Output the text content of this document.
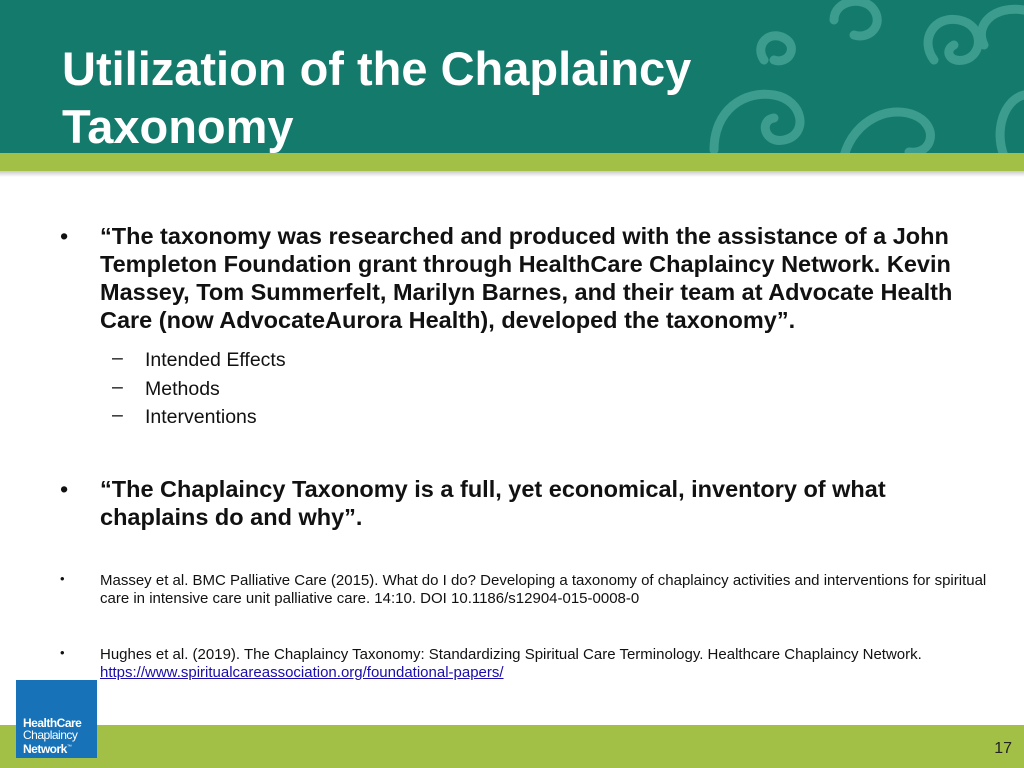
Utilization of the Chaplaincy Taxonomy
• “The taxonomy was researched and produced with the assistance of a John Templeton Foundation grant through HealthCare Chaplaincy Network. Kevin Massey, Tom Summerfelt, Marilyn Barnes, and their team at Advocate Health Care (now AdvocateAurora Health), developed the taxonomy”.
– Intended Effects
– Methods
– Interventions
• “The Chaplaincy Taxonomy is a full, yet economical, inventory of what chaplains do and why”.
• Massey et al. BMC Palliative Care (2015). What do I do? Developing a taxonomy of chaplaincy activities and interventions for spiritual care in intensive care unit palliative care. 14:10. DOI 10.1186/s12904-015-0008-0
• Hughes et al. (2019). The Chaplaincy Taxonomy: Standardizing Spiritual Care Terminology. Healthcare Chaplaincy Network. https://www.spiritualcareassociation.org/foundational-papers/
HealthCare
Chaplaincy
Network™	17
